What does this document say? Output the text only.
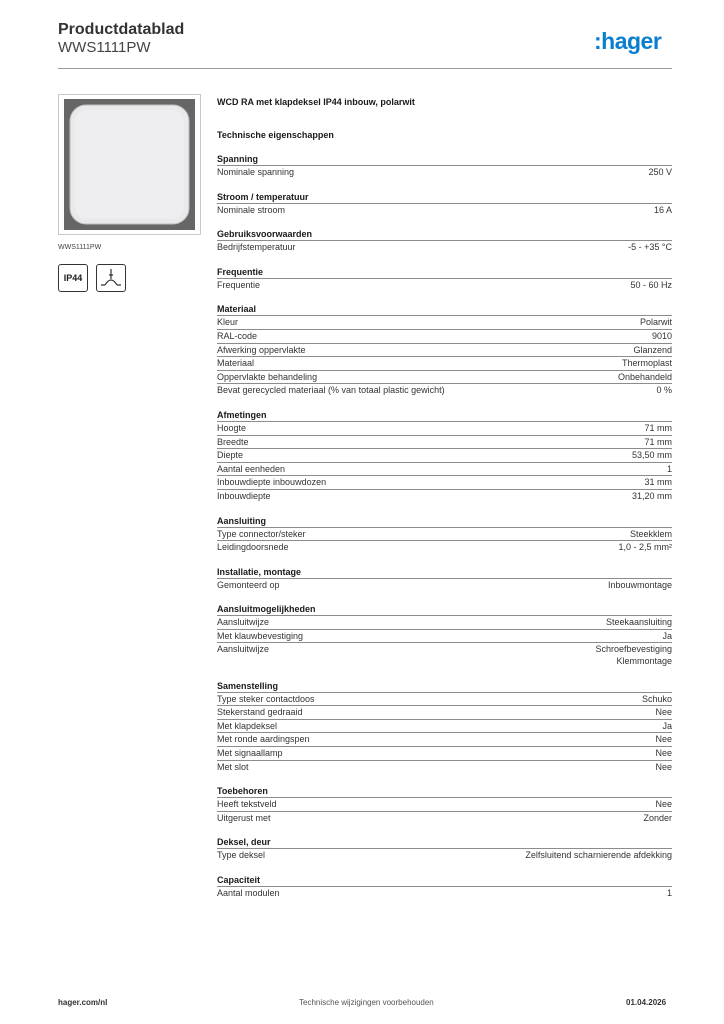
Productdatablad
WWS1111PW	:hager
WWS1111PW
IP44
WCD RA met klapdeksel IP44 inbouw, polarwit
Technische eigenschappen
Spanning
Nominale spanning	250 V
Stroom / temperatuur
Nominale stroom	16 A
Gebruiksvoorwaarden
Bedrijfstemperatuur	-5 - +35 °C
Frequentie
Frequentie	50 - 60 Hz
Materiaal
Kleur	Polarwit
RAL-code	9010
Afwerking oppervlakte	Glanzend
Materiaal	Thermoplast
Oppervlakte behandeling	Onbehandeld
Bevat gerecycled materiaal (% van totaal plastic gewicht)	0 %
Afmetingen
Hoogte	71 mm
Breedte	71 mm
Diepte	53,50 mm
Aantal eenheden	1
Inbouwdiepte inbouwdozen	31 mm
Inbouwdiepte	31,20 mm
Aansluiting
Type connector/steker	Steekklem
Leidingdoorsnede	1,0 - 2,5 mm²
Installatie, montage
Gemonteerd op	Inbouwmontage
Aansluitmogelijkheden
Aansluitwijze	Steekaansluiting
Met klauwbevestiging	Ja
Aansluitwijze	Schroefbevestiging
Klemmontage
Samenstelling
Type steker contactdoos	Schuko
Stekerstand gedraaid	Nee
Met klapdeksel	Ja
Met ronde aardingspen	Nee
Met signaallamp	Nee
Met slot	Nee
Toebehoren
Heeft tekstveld	Nee
Uitgerust met	Zonder
Deksel, deur
Type deksel	Zelfsluitend scharnierende afdekking
Capaciteit
Aantal modulen	1
hager.com/nl	Technische wijzigingen voorbehouden	01.04.2026
